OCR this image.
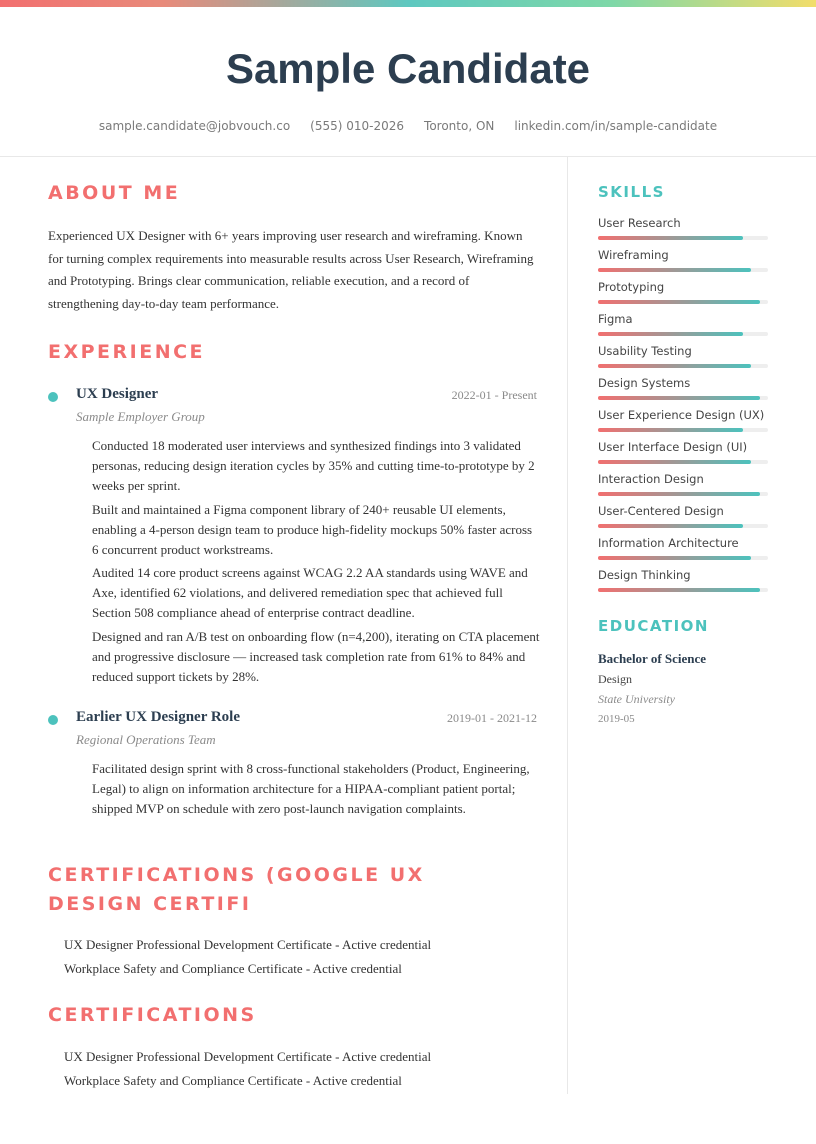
Sample Candidate
sample.candidate@jobvouch.co (555) 010-2026 Toronto, ON linkedin.com/in/sample-candidate
ABOUT ME
Experienced UX Designer with 6+ years improving user research and wireframing. Known for turning complex requirements into measurable results across User Research, Wireframing and Prototyping. Brings clear communication, reliable execution, and a record of strengthening day-to-day team performance.
EXPERIENCE
UX Designer	2022-01 - Present
Sample Employer Group
Conducted 18 moderated user interviews and synthesized findings into 3 validated personas, reducing design iteration cycles by 35% and cutting time-to-prototype by 2 weeks per sprint.
Built and maintained a Figma component library of 240+ reusable UI elements, enabling a 4-person design team to produce high-fidelity mockups 50% faster across 6 concurrent product workstreams.
Audited 14 core product screens against WCAG 2.2 AA standards using WAVE and Axe, identified 62 violations, and delivered remediation spec that achieved full Section 508 compliance ahead of enterprise contract deadline.
Designed and ran A/B test on onboarding flow (n=4,200), iterating on CTA placement and progressive disclosure — increased task completion rate from 61% to 84% and reduced support tickets by 28%.
Earlier UX Designer Role	2019-01 - 2021-12
Regional Operations Team
Facilitated design sprint with 8 cross-functional stakeholders (Product, Engineering, Legal) to align on information architecture for a HIPAA-compliant patient portal; shipped MVP on schedule with zero post-launch navigation complaints.
CERTIFICATIONS (GOOGLE UX DESIGN CERTIFI
UX Designer Professional Development Certificate - Active credential
Workplace Safety and Compliance Certificate - Active credential
CERTIFICATIONS
UX Designer Professional Development Certificate - Active credential
Workplace Safety and Compliance Certificate - Active credential
SKILLS
User Research
Wireframing
Prototyping
Figma
Usability Testing
Design Systems
User Experience Design (UX)
User Interface Design (UI)
Interaction Design
User-Centered Design
Information Architecture
Design Thinking
EDUCATION
Bachelor of Science
Design
State University
2019-05
